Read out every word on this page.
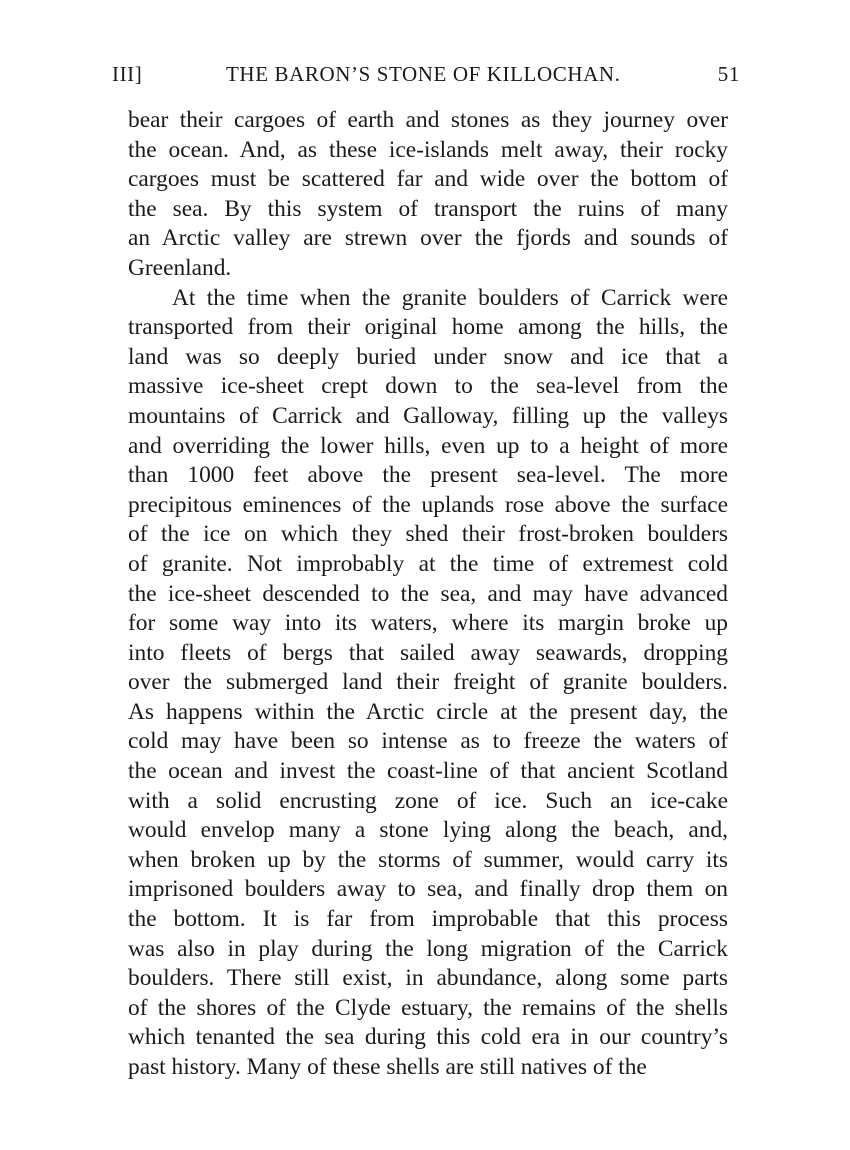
III]	THE BARON’S STONE OF KILLOCHAN.	51
bear their cargoes of earth and stones as they journey over
the ocean. And, as these ice-islands melt away, their rocky
cargoes must be scattered far and wide over the bottom of
the sea. By this system of transport the ruins of many
an Arctic valley are strewn over the fjords and sounds of
Greenland.
At the time when the granite boulders of Carrick were
transported from their original home among the hills, the
land was so deeply buried under snow and ice that a
massive ice-sheet crept down to the sea-level from the
mountains of Carrick and Galloway, filling up the valleys
and overriding the lower hills, even up to a height of more
than 1000 feet above the present sea-level. The more
precipitous eminences of the uplands rose above the surface
of the ice on which they shed their frost-broken boulders
of granite. Not improbably at the time of extremest cold
the ice-sheet descended to the sea, and may have advanced
for some way into its waters, where its margin broke up
into fleets of bergs that sailed away seawards, dropping
over the submerged land their freight of granite boulders.
As happens within the Arctic circle at the present day, the
cold may have been so intense as to freeze the waters of
the ocean and invest the coast-line of that ancient Scotland
with a solid encrusting zone of ice. Such an ice-cake
would envelop many a stone lying along the beach, and,
when broken up by the storms of summer, would carry its
imprisoned boulders away to sea, and finally drop them on
the bottom. It is far from improbable that this process
was also in play during the long migration of the Carrick
boulders. There still exist, in abundance, along some parts
of the shores of the Clyde estuary, the remains of the shells
which tenanted the sea during this cold era in our country’s
past history. Many of these shells are still natives of the
